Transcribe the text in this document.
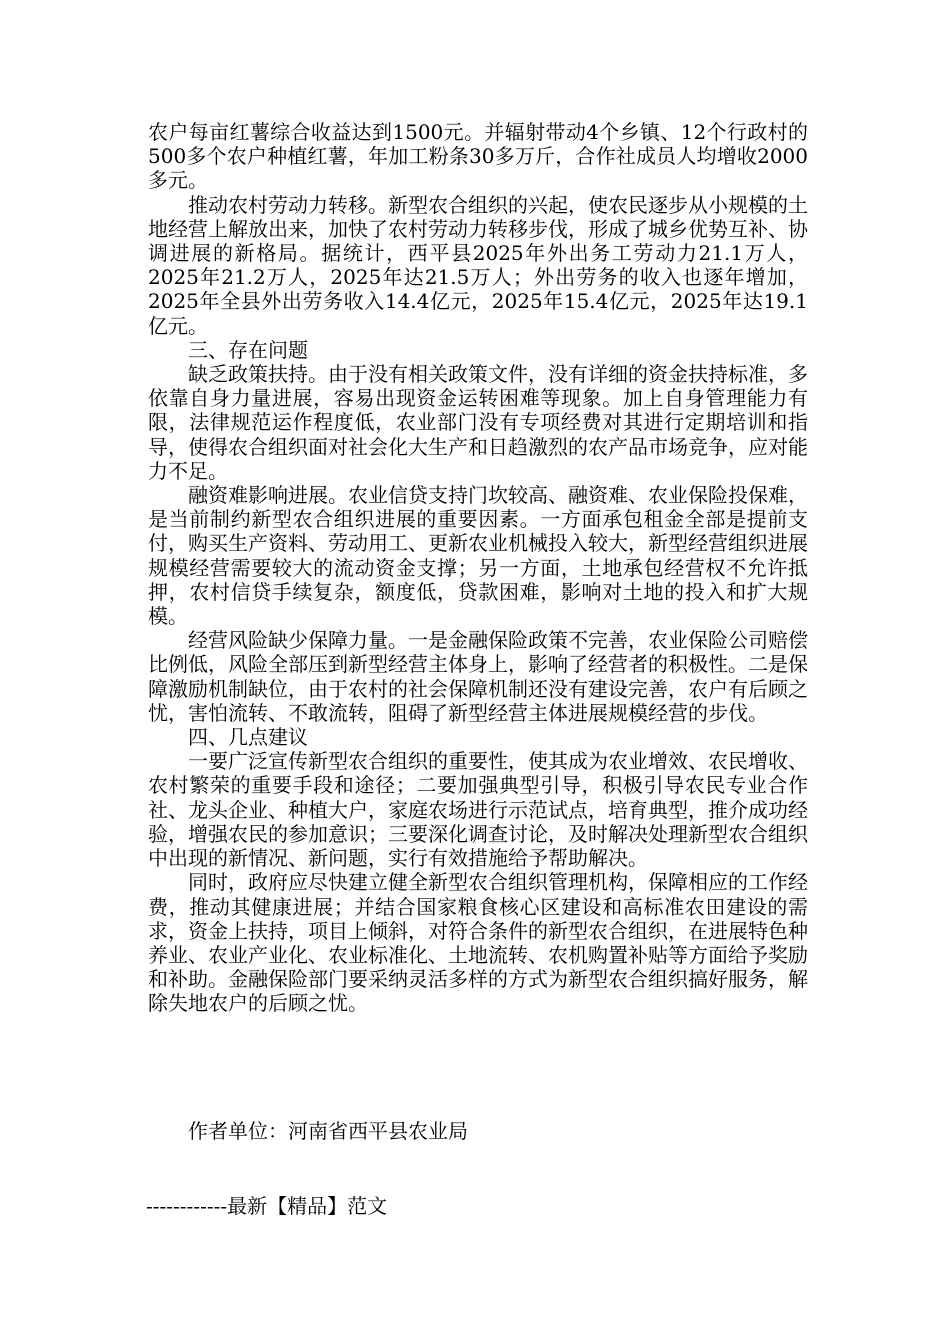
农户每亩红薯综合收益达到1500元。并辐射带动4个乡镇、12个行政村的500多个农户种植红薯，年加工粉条30多万斤，合作社成员人均增收2000多元。

推动农村劳动力转移。新型农合组织的兴起，使农民逐步从小规模的土地经营上解放出来，加快了农村劳动力转移步伐，形成了城乡优势互补、协调进展的新格局。据统计，西平县2025年外出务工劳动力21.1万人，2025年21.2万人，2025年达21.5万人；外出劳务的收入也逐年增加，2025年全县外出劳务收入14.4亿元，2025年15.4亿元，2025年达19.1亿元。

三、存在问题

缺乏政策扶持。由于没有相关政策文件，没有详细的资金扶持标准，多依靠自身力量进展，容易出现资金运转困难等现象。加上自身管理能力有限，法律规范运作程度低，农业部门没有专项经费对其进行定期培训和指导，使得农合组织面对社会化大生产和日趋激烈的农产品市场竞争，应对能力不足。

融资难影响进展。农业信贷支持门坎较高、融资难、农业保险投保难，是当前制约新型农合组织进展的重要因素。一方面承包租金全部是提前支付，购买生产资料、劳动用工、更新农业机械投入较大，新型经营组织进展规模经营需要较大的流动资金支撑；另一方面，土地承包经营权不允许抵押，农村信贷手续复杂，额度低，贷款困难，影响对土地的投入和扩大规模。

经营风险缺少保障力量。一是金融保险政策不完善，农业保险公司赔偿比例低，风险全部压到新型经营主体身上，影响了经营者的积极性。二是保障激励机制缺位，由于农村的社会保障机制还没有建设完善，农户有后顾之忧，害怕流转、不敢流转，阻碍了新型经营主体进展规模经营的步伐。

四、几点建议

一要广泛宣传新型农合组织的重要性，使其成为农业增效、农民增收、农村繁荣的重要手段和途径；二要加强典型引导，积极引导农民专业合作社、龙头企业、种植大户，家庭农场进行示范试点，培育典型，推介成功经验，增强农民的参加意识；三要深化调查讨论，及时解决处理新型农合组织中出现的新情况、新问题，实行有效措施给予帮助解决。

同时，政府应尽快建立健全新型农合组织管理机构，保障相应的工作经费，推动其健康进展；并结合国家粮食核心区建设和高标准农田建设的需求，资金上扶持，项目上倾斜，对符合条件的新型农合组织，在进展特色种养业、农业产业化、农业标准化、土地流转、农机购置补贴等方面给予奖励和补助。金融保险部门要采纳灵活多样的方式为新型农合组织搞好服务，解除失地农户的后顾之忧。

作者单位：河南省西平县农业局
------------最新【精品】范文
